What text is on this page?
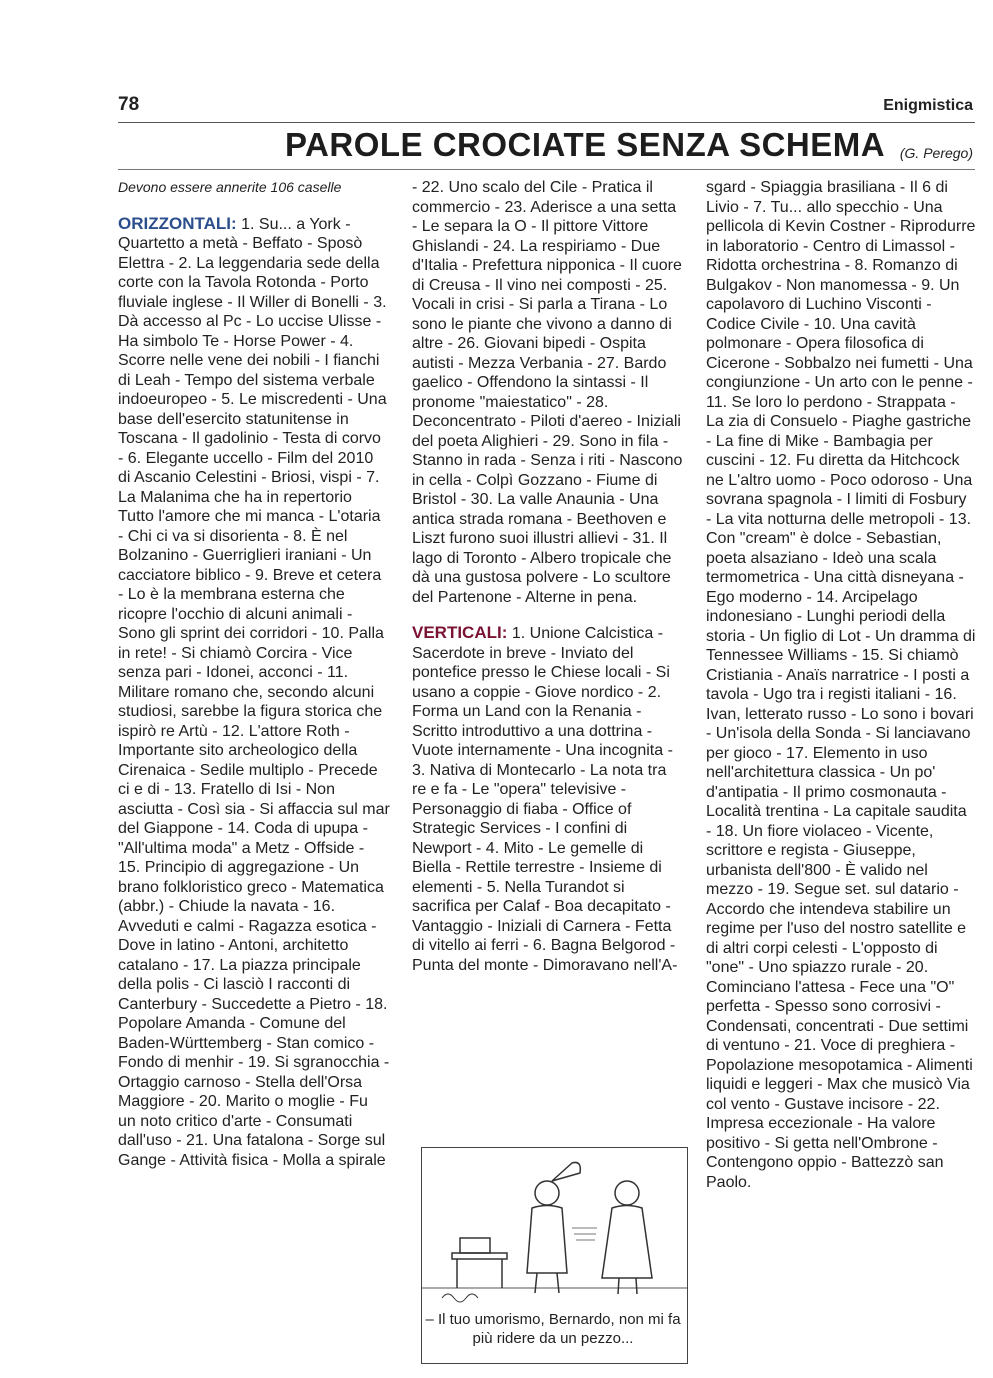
78	Enigmistica
PAROLE CROCIATE SENZA SCHEMA (G. Perego)

Devono essere annerite 106 caselle

ORIZZONTALI: 1. Su... a York - Quartetto a metà - Beffato - Sposò Elettra - 2. La leggendaria sede della corte con la Tavola Rotonda - Porto fluviale inglese - Il Willer di Bonelli - 3. Dà accesso al Pc - Lo uccise Ulisse - Ha simbolo Te - Horse Power - 4. Scorre nelle vene dei nobili - I fianchi di Leah - Tempo del sistema verbale indoeuropeo - 5. Le miscredenti - Una base dell'esercito statunitense in Toscana - Il gadolinio - Testa di corvo - 6. Elegante uccello - Film del 2010 di Ascanio Celestini - Briosi, vispi - 7. La Malanima che ha in repertorio Tutto l'amore che mi manca - L'otaria - Chi ci va si disorienta - 8. È nel Bolzanino - Guerriglieri iraniani - Un cacciatore biblico - 9. Breve et cetera - Lo è la membrana esterna che ricopre l'occhio di alcuni animali - Sono gli sprint dei corridori - 10. Palla in rete! - Si chiamò Corcira - Vice senza pari - Idonei, acconci - 11. Militare romano che, secondo alcuni studiosi, sarebbe la figura storica che ispirò re Artù - 12. L'attore Roth - Importante sito archeologico della Cirenaica - Sedile multiplo - Precede ci e di - 13. Fratello di Isi - Non asciutta - Così sia - Si affaccia sul mar del Giappone - 14. Coda di upupa - "All'ultima moda" a Metz - Offside - 15. Principio di aggregazione - Un brano folkloristico greco - Matematica (abbr.) - Chiude la navata - 16. Avveduti e calmi - Ragazza esotica - Dove in latino - Antoni, architetto catalano - 17. La piazza principale della polis - Ci lasciò I racconti di Canterbury - Succedette a Pietro - 18. Popolare Amanda - Comune del Baden-Württemberg - Stan comico - Fondo di menhir - 19. Si sgranocchia - Ortaggio carnoso - Stella dell'Orsa Maggiore - 20. Marito o moglie - Fu un noto critico d'arte - Consumati dall'uso - 21. Una fatalona - Sorge sul Gange - Attività fisica - Molla a spirale

- 22. Uno scalo del Cile - Pratica il commercio - 23. Aderisce a una setta - Le separa la O - Il pittore Vittore Ghislandi - 24. La respiriamo - Due d'Italia - Prefettura nipponica - Il cuore di Creusa - Il vino nei composti - 25. Vocali in crisi - Si parla a Tirana - Lo sono le piante che vivono a danno di altre - 26. Giovani bipedi - Ospita autisti - Mezza Verbania - 27. Bardo gaelico - Offendono la sintassi - Il pronome "maiestatico" - 28. Deconcentrato - Piloti d'aereo - Iniziali del poeta Alighieri - 29. Sono in fila - Stanno in rada - Senza i riti - Nascono in cella - Colpì Gozzano - Fiume di Bristol - 30. La valle Anaunia - Una antica strada romana - Beethoven e Liszt furono suoi illustri allievi - 31. Il lago di Toronto - Albero tropicale che dà una gustosa polvere - Lo scultore del Partenone - Alterne in pena.

VERTICALI: 1. Unione Calcistica - Sacerdote in breve - Inviato del pontefice presso le Chiese locali - Si usano a coppie - Giove nordico - 2. Forma un Land con la Renania - Scritto introduttivo a una dottrina - Vuote internamente - Una incognita - 3. Nativa di Montecarlo - La nota tra re e fa - Le "opera" televisive - Personaggio di fiaba - Office of Strategic Services - I confini di Newport - 4. Mito - Le gemelle di Biella - Rettile terrestre - Insieme di elementi - 5. Nella Turandot si sacrifica per Calaf - Boa decapitato - Vantaggio - Iniziali di Carnera - Fetta di vitello ai ferri - 6. Bagna Belgorod - Punta del monte - Dimoravano nell'A-

sgard - Spiaggia brasiliana - Il 6 di Livio - 7. Tu... allo specchio - Una pellicola di Kevin Costner - Riprodurre in laboratorio - Centro di Limassol - Ridotta orchestrina - 8. Romanzo di Bulgakov - Non manomessa - 9. Un capolavoro di Luchino Visconti - Codice Civile - 10. Una cavità polmonare - Opera filosofica di Cicerone - Sobbalzo nei fumetti - Una congiunzione - Un arto con le penne - 11. Se loro lo perdono - Strappata - La zia di Consuelo - Piaghe gastriche - La fine di Mike - Bambagia per cuscini - 12. Fu diretta da Hitchcock ne L'altro uomo - Poco odoroso - Una sovrana spagnola - I limiti di Fosbury - La vita notturna delle metropoli - 13. Con "cream" è dolce - Sebastian, poeta alsaziano - Ideò una scala termometrica - Una città disneyana - Ego moderno - 14. Arcipelago indonesiano - Lunghi periodi della storia - Un figlio di Lot - Un dramma di Tennessee Williams - 15. Si chiamò Cristiania - Anaïs narratrice - I posti a tavola - Ugo tra i registi italiani - 16. Ivan, letterato russo - Lo sono i bovari - Un'isola della Sonda - Si lanciavano per gioco - 17. Elemento in uso nell'architettura classica - Un po' d'antipatia - Il primo cosmonauta - Località trentina - La capitale saudita - 18. Un fiore violaceo - Vicente, scrittore e regista - Giuseppe, urbanista dell'800 - È valido nel mezzo - 19. Segue set. sul datario - Accordo che intendeva stabilire un regime per l'uso del nostro satellite e di altri corpi celesti - L'opposto di "one" - Uno spiazzo rurale - 20. Cominciano l'attesa - Fece una "O" perfetta - Spesso sono corrosivi - Condensati, concentrati - Due settimi di ventuno - 21. Voce di preghiera - Popolazione mesopotamica - Alimenti liquidi e leggeri - Max che musicò Via col vento - Gustave incisore - 22. Impresa eccezionale - Ha valore positivo - Si getta nell'Ombrone - Contengono oppio - Battezzò san Paolo.

– Il tuo umorismo, Bernardo, non mi fa più ridere da un pezzo...
